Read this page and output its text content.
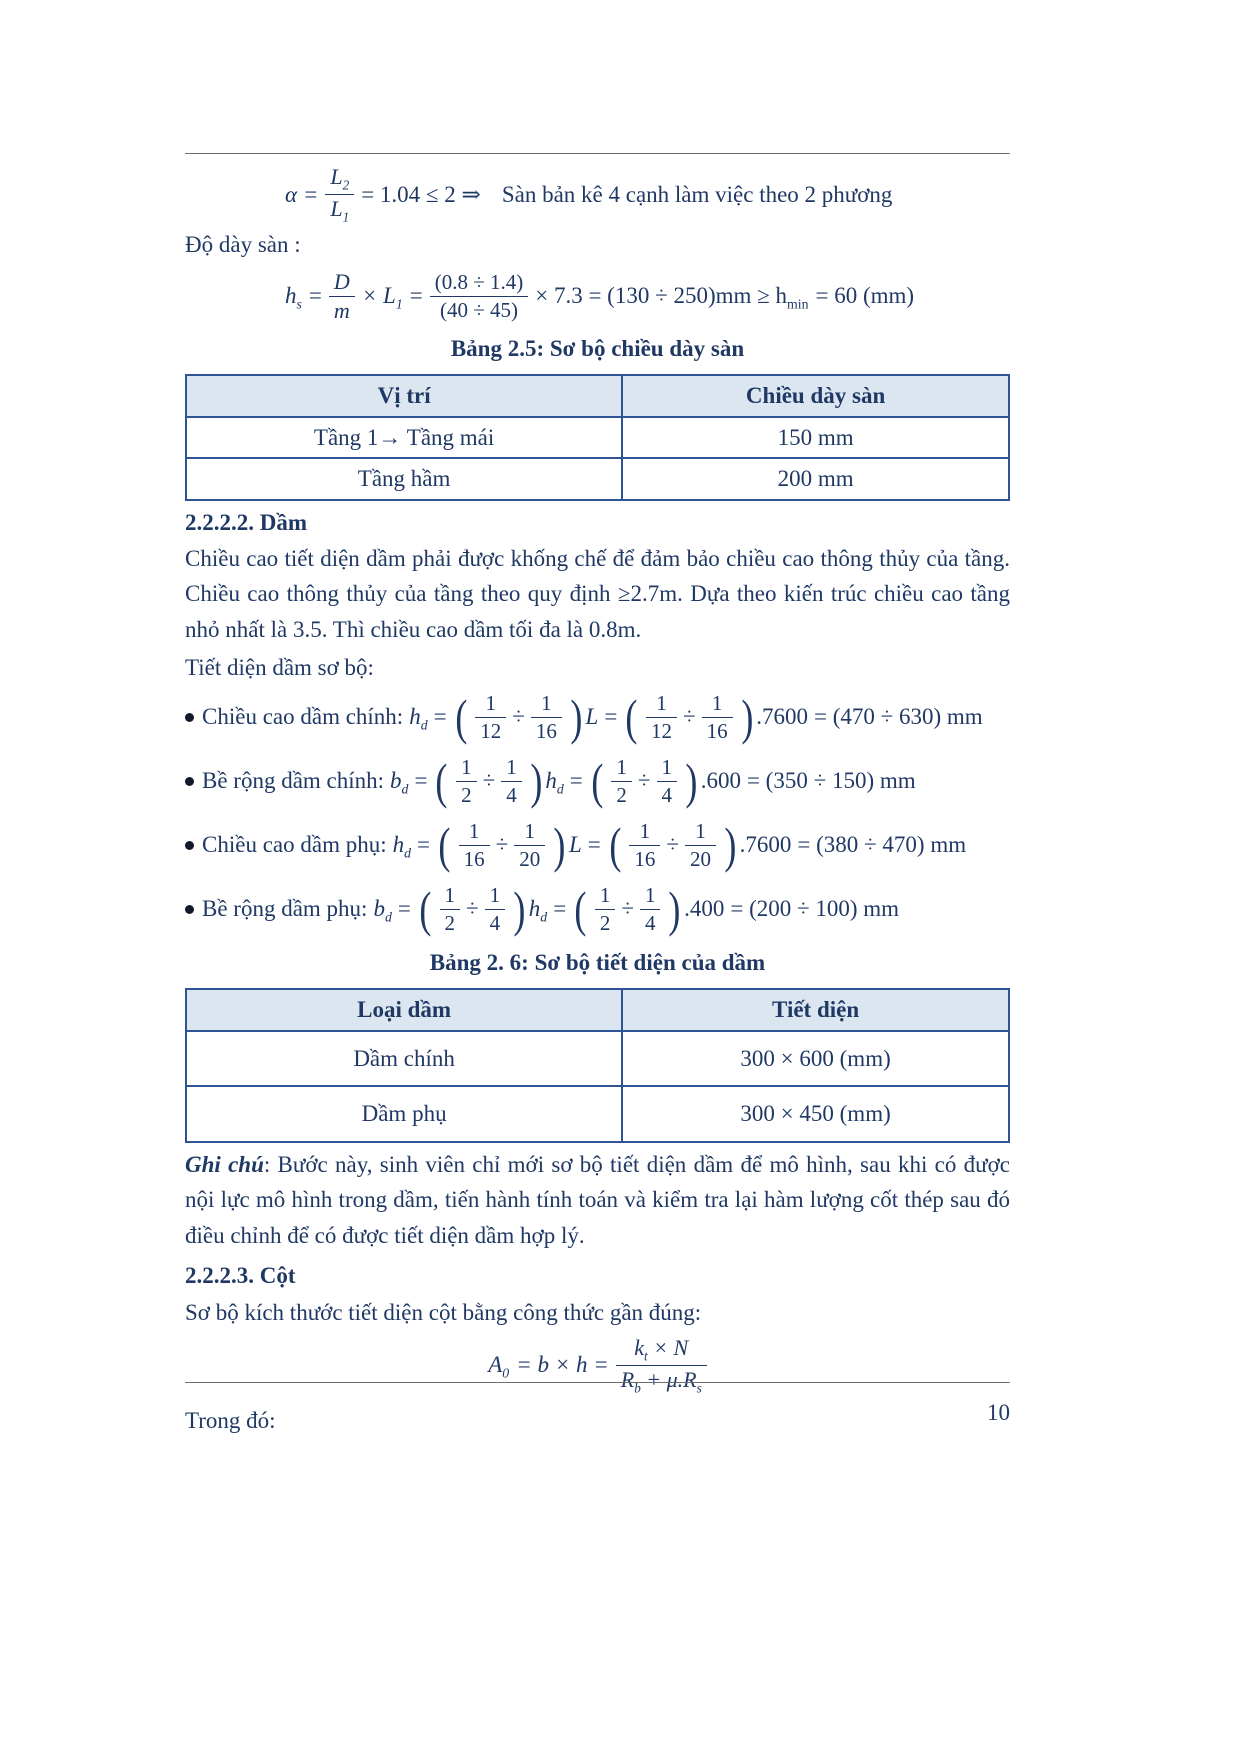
$\alpha = \frac{L_2}{L_1} = 1.04 \le 2$ ⇒ Sàn bản kê 4 cạnh làm việc theo 2 phương
Độ dày sàn :
$h_s = \frac{D}{m} \times L_1 = \frac{(0.8 \div 1.4)}{(40 \div 45)} \times 7.3 = (130 \div 250)mm \ge h_{min} = 60$ (mm)
Bảng 2.5: Sơ bộ chiều dày sàn
Vị trí	Chiều dày sàn
Tầng 1→ Tầng mái	150 mm
Tầng hầm	200 mm
2.2.2.2. Dầm
Chiều cao tiết diện dầm phải được khống chế để đảm bảo chiều cao thông thủy của tầng. Chiều cao thông thủy của tầng theo quy định ≥2.7m. Dựa theo kiến trúc chiều cao tầng nhỏ nhất là 3.5. Thì chiều cao dầm tối đa là 0.8m.
Tiết diện dầm sơ bộ:
Chiều cao dầm chính: $h_d$ = ( $\frac{1}{12} \div \frac{1}{16}$ ) L = ( $\frac{1}{12} \div \frac{1}{16}$ ) .7600 = (470 ÷ 630) mm
Bề rộng dầm chính: $b_d$ = ( $\frac{1}{2} \div \frac{1}{4}$ ) $h_d$ = ( $\frac{1}{2} \div \frac{1}{4}$ ) .600 = (350 ÷ 150) mm
Chiều cao dầm phụ: $h_d$ = ( $\frac{1}{16} \div \frac{1}{20}$ ) L = ( $\frac{1}{16} \div \frac{1}{20}$ ) .7600 = (380 ÷ 470) mm
Bề rộng dầm phụ: $b_d$ = ( $\frac{1}{2} \div \frac{1}{4}$ ) $h_d$ = ( $\frac{1}{2} \div \frac{1}{4}$ ) .400 = (200 ÷ 100) mm
Bảng 2. 6: Sơ bộ tiết diện của dầm
Loại dầm	Tiết diện
Dầm chính	300 × 600 (mm)
Dầm phụ	300 × 450 (mm)
Ghi chú: Bước này, sinh viên chỉ mới sơ bộ tiết diện dầm để mô hình, sau khi có được nội lực mô hình trong dầm, tiến hành tính toán và kiểm tra lại hàm lượng cốt thép sau đó điều chỉnh để có được tiết diện dầm hợp lý.
2.2.2.3. Cột
Sơ bộ kích thước tiết diện cột bằng công thức gần đúng:
$A_0 = b \times h = \frac{k_t \times N}{R_b + \mu.R_s}$
Trong đó:	10
